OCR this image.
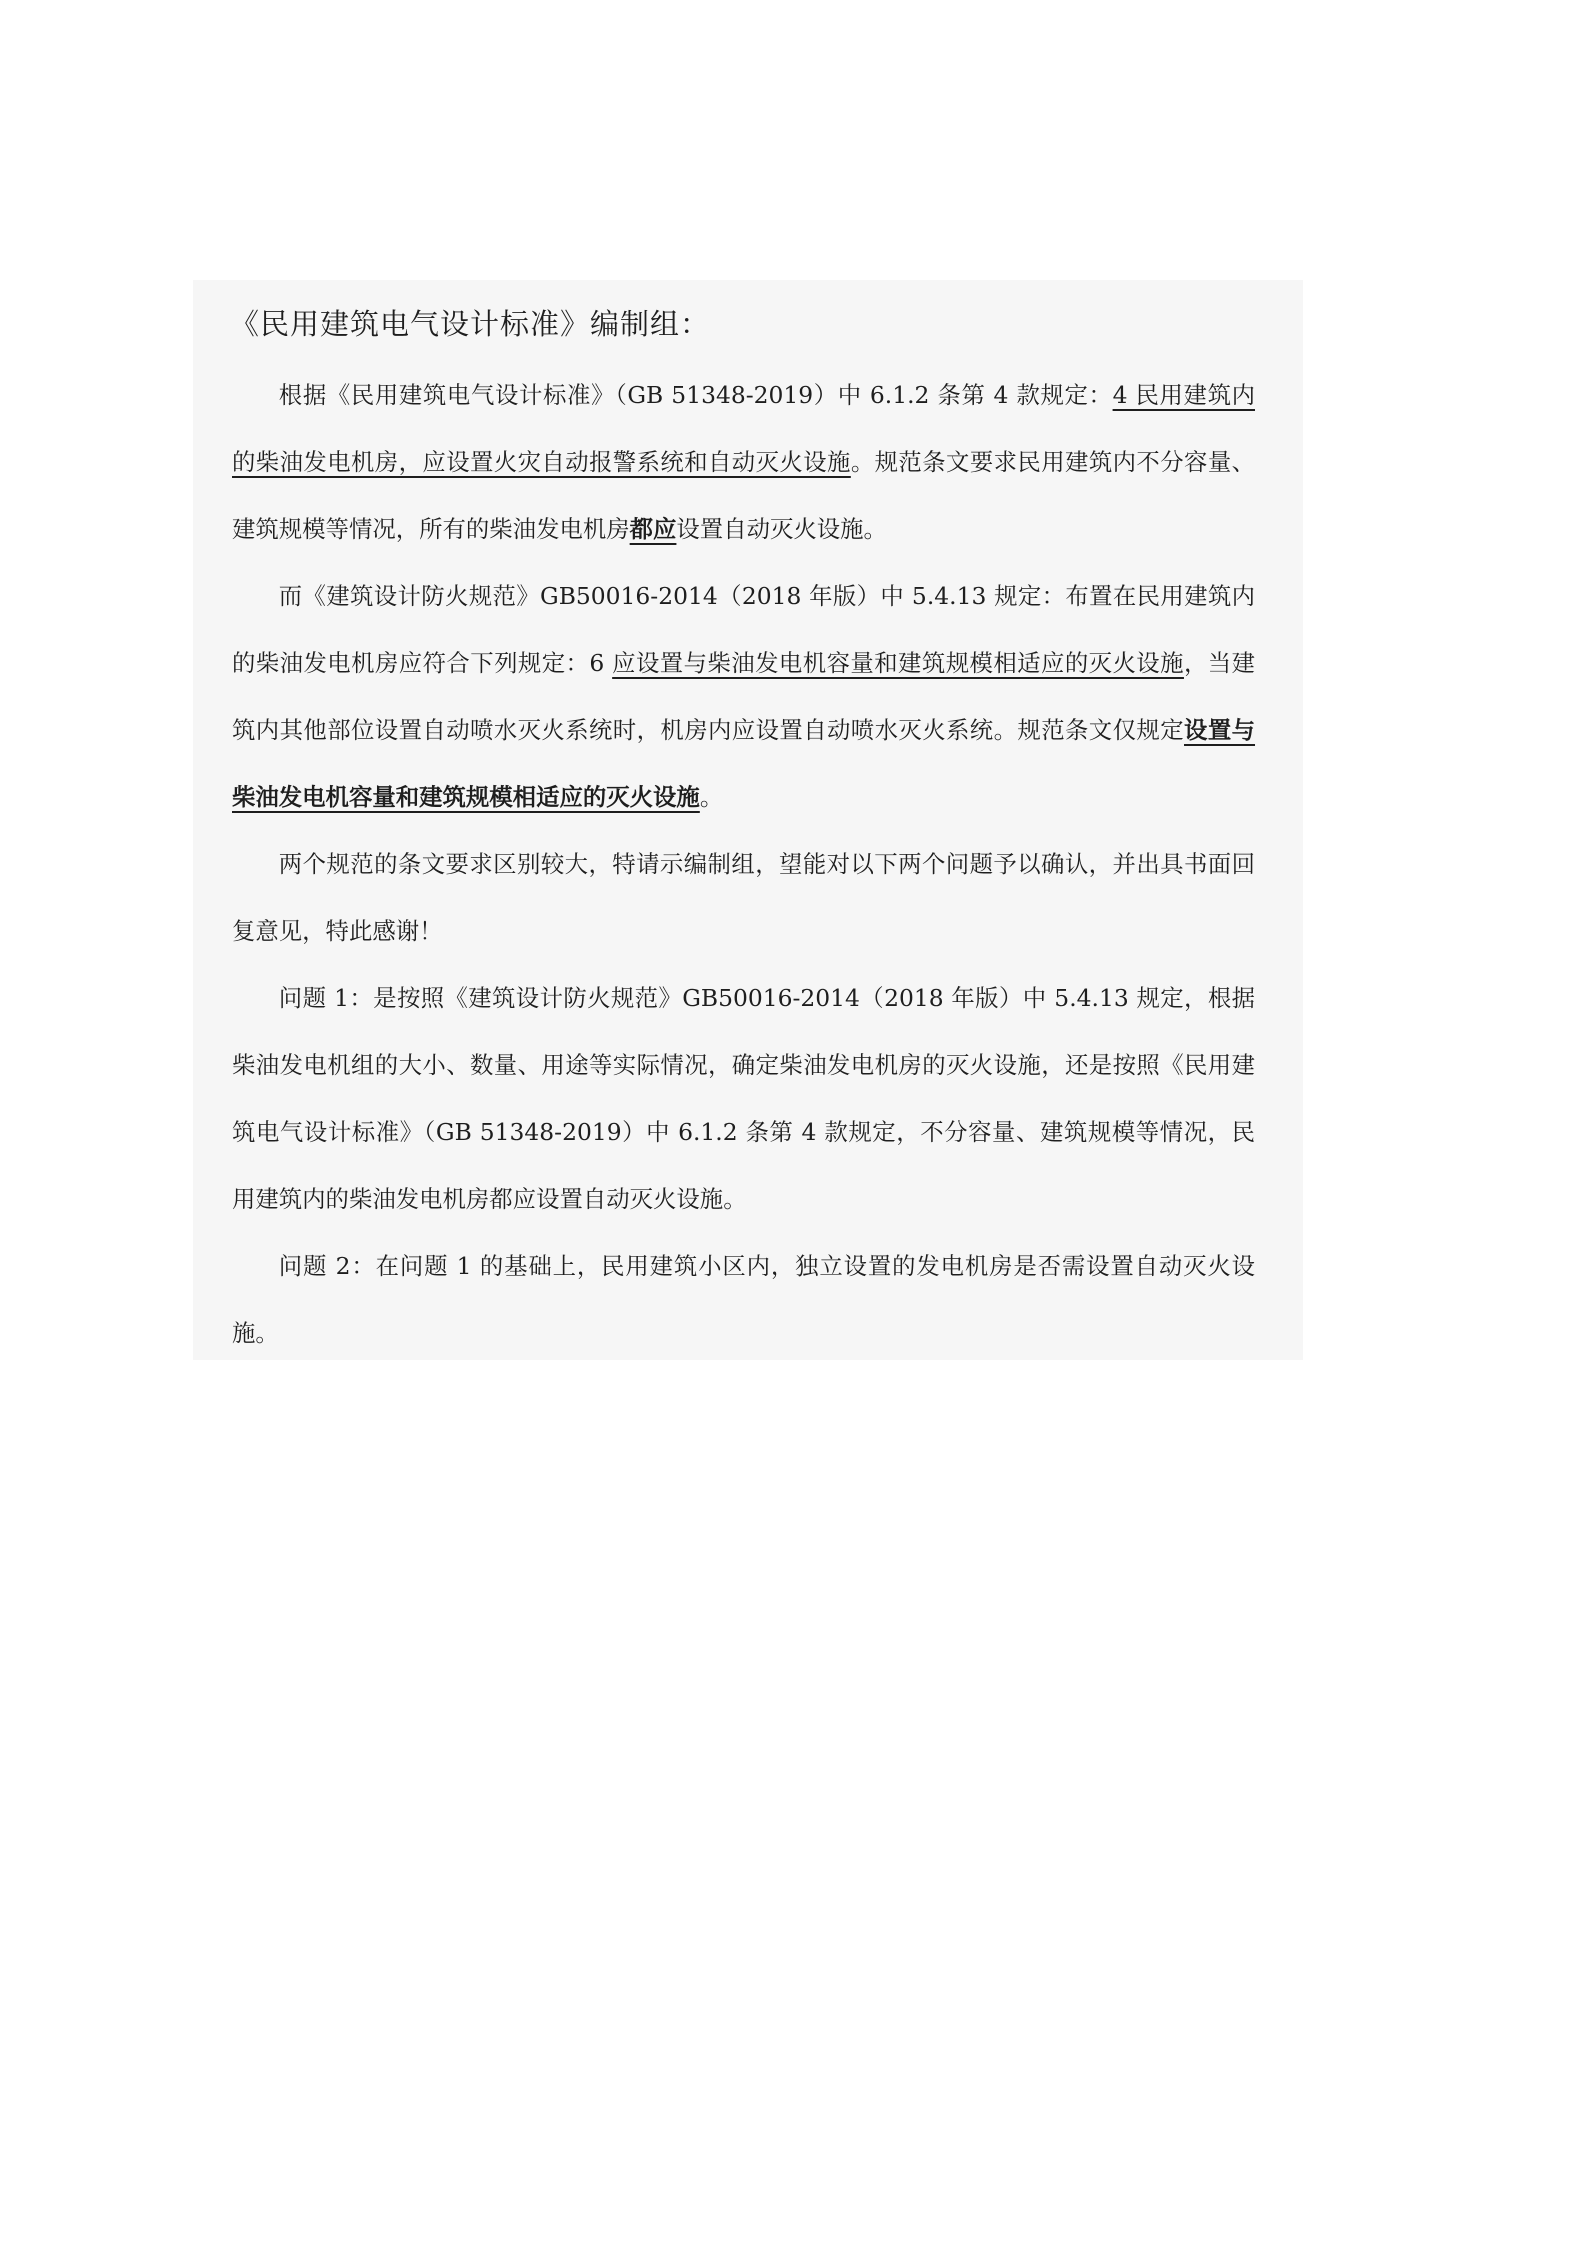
《民用建筑电气设计标准》编制组：

根据《民用建筑电气设计标准》（GB 51348-2019）中 6.1.2 条第 4 款规定：4 民用建筑内的柴油发电机房，应设置火灾自动报警系统和自动灭火设施。规范条文要求民用建筑内不分容量、建筑规模等情况，所有的柴油发电机房都应设置自动灭火设施。

而《建筑设计防火规范》GB50016-2014（2018 年版）中 5.4.13 规定：布置在民用建筑内的柴油发电机房应符合下列规定：6 应设置与柴油发电机容量和建筑规模相适应的灭火设施，当建筑内其他部位设置自动喷水灭火系统时，机房内应设置自动喷水灭火系统。规范条文仅规定设置与柴油发电机容量和建筑规模相适应的灭火设施。

两个规范的条文要求区别较大，特请示编制组，望能对以下两个问题予以确认，并出具书面回复意见，特此感谢！

问题 1：是按照《建筑设计防火规范》GB50016-2014（2018 年版）中 5.4.13 规定，根据柴油发电机组的大小、数量、用途等实际情况，确定柴油发电机房的灭火设施，还是按照《民用建筑电气设计标准》（GB 51348-2019）中 6.1.2 条第 4 款规定，不分容量、建筑规模等情况，民用建筑内的柴油发电机房都应设置自动灭火设施。

问题 2：在问题 1 的基础上，民用建筑小区内，独立设置的发电机房是否需设置自动灭火设施。
